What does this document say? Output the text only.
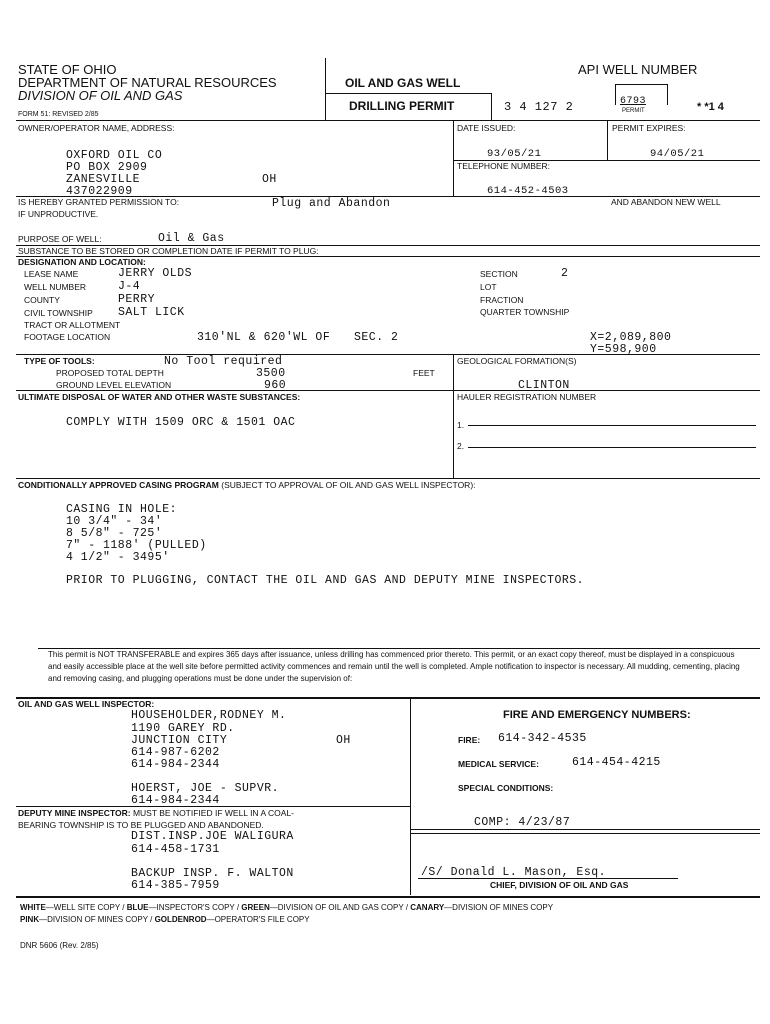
STATE OF OHIO
DEPARTMENT OF NATURAL RESOURCES
DIVISION OF OIL AND GAS
FORM 51: REVISED 2/85
OIL AND GAS WELL
DRILLING PERMIT
API WELL NUMBER
3 4 127 2	6793
PERMIT	* *1 4
OWNER/OPERATOR NAME, ADDRESS:	DATE ISSUED:	PERMIT EXPIRES:
OXFORD OIL CO
PO BOX 2909
ZANESVILLE	OH
437022909
93/05/21	94/05/21
TELEPHONE NUMBER:
614-452-4503
IS HEREBY GRANTED PERMISSION TO:	Plug and Abandon	AND ABANDON NEW WELL
IF UNPRODUCTIVE.
PURPOSE OF WELL:	Oil & Gas
SUBSTANCE TO BE STORED OR COMPLETION DATE IF PERMIT TO PLUG:
DESIGNATION AND LOCATION:
LEASE NAME	JERRY OLDS
WELL NUMBER	J-4
COUNTY	PERRY
CIVIL TOWNSHIP SALT LICK
TRACT OR ALLOTMENT
FOOTAGE LOCATION	310'NL & 620'WL OF SEC. 2
SECTION	2
LOT
FRACTION
QUARTER TOWNSHIP
X=2,089,800
Y=598,900
TYPE OF TOOLS:	No Tool required
PROPOSED TOTAL DEPTH	3500	FEET
GROUND LEVEL ELEVATION	960
GEOLOGICAL FORMATION(S)
CLINTON
ULTIMATE DISPOSAL OF WATER AND OTHER WASTE SUBSTANCES:
COMPLY WITH 1509 ORC & 1501 OAC
HAULER REGISTRATION NUMBER
1.
2.
CONDITIONALLY APPROVED CASING PROGRAM (SUBJECT TO APPROVAL OF OIL AND GAS WELL INSPECTOR):
CASING IN HOLE:
10 3/4" - 34'
8 5/8" - 725'
7" - 1188' (PULLED)
4 1/2" - 3495'
PRIOR TO PLUGGING, CONTACT THE OIL AND GAS AND DEPUTY MINE INSPECTORS.
This permit is NOT TRANSFERABLE and expires 365 days after issuance, unless drilling has commenced prior thereto. This permit, or an exact copy thereof, must be displayed in a conspicuous and easily accessible place at the well site before permitted activity commences and remain until the well is completed. Ample notification to inspector is necessary. All mudding, cementing, placing and removing casing, and plugging operations must be done under the supervision of:
OIL AND GAS WELL INSPECTOR:
HOUSEHOLDER,RODNEY M.
1190 GAREY RD.
JUNCTION CITY	OH
614-987-6202
614-984-2344
HOERST, JOE - SUPVR.
614-984-2344
FIRE AND EMERGENCY NUMBERS:
FIRE: 614-342-4535
MEDICAL SERVICE:	614-454-4215
SPECIAL CONDITIONS:
DEPUTY MINE INSPECTOR: MUST BE NOTIFIED IF WELL IN A COAL-
BEARING TOWNSHIP IS TO BE PLUGGED AND ABANDONED.	COMP: 4/23/87
DIST.INSP.JOE WALIGURA
614-458-1731
BACKUP INSP. F. WALTON
614-385-7959
/S/ Donald L. Mason, Esq.
CHIEF, DIVISION OF OIL AND GAS
WHITE—WELL SITE COPY / BLUE—INSPECTOR'S COPY / GREEN—DIVISION OF OIL AND GAS COPY / CANARY—DIVISION OF MINES COPY
PINK—DIVISION OF MINES COPY / GOLDENROD—OPERATOR'S FILE COPY
DNR 5606 (Rev. 2/85)
